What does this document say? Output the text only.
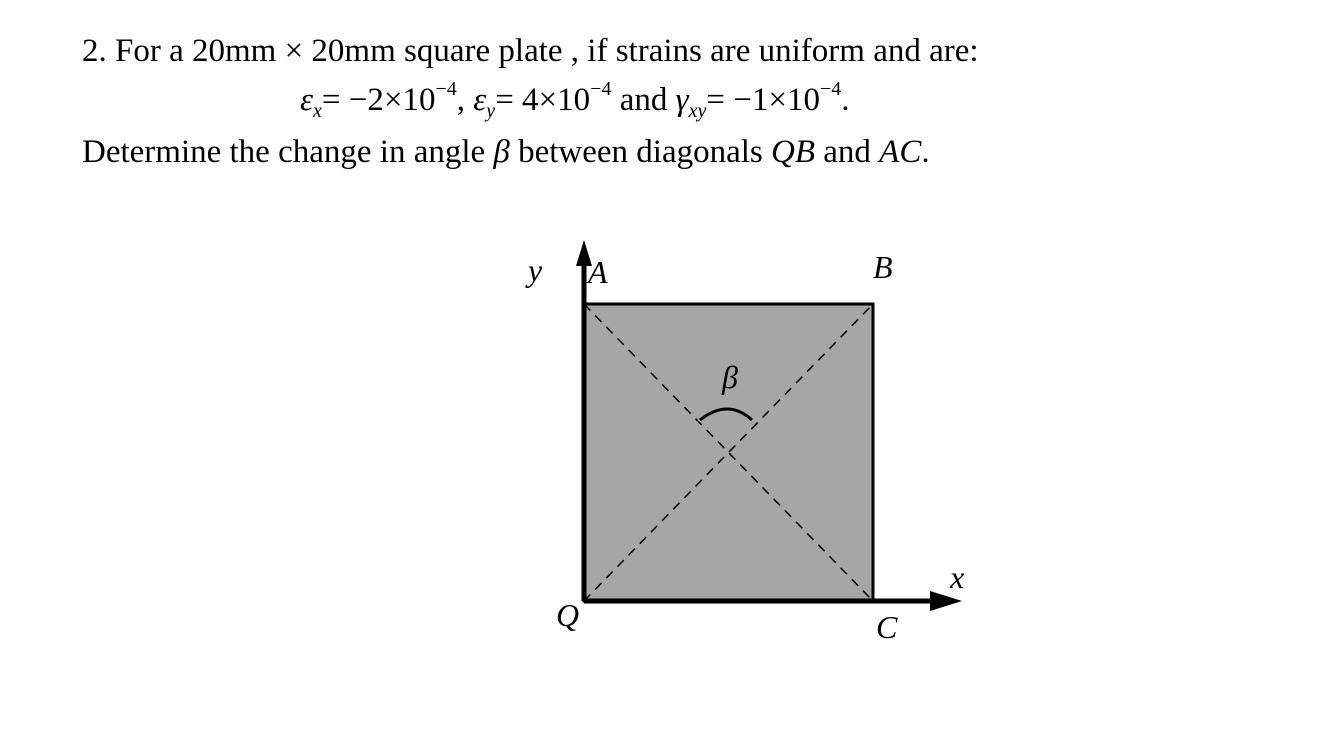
2. For a 20mm × 20mm square plate , if strains are uniform and are:
$\varepsilon_x= -2\times 10^{-4}$, $\varepsilon_y= 4\times 10^{-4}$ and $\gamma_{xy}= -1\times 10^{-4}$.
Determine the change in angle β between diagonals QB and AC.
y A	B
β
x
Q	C
